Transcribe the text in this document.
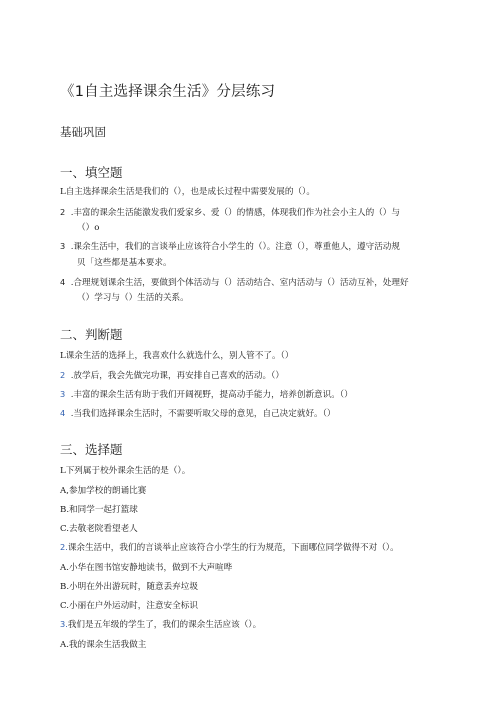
《1自主选择课余生活》分层练习
基础巩固
一、填空题
L自主选择课余生活是我们的（），也是成长过程中需要发展的（）。
2 .丰富的课余生活能激发我们爱家乡、爱（）的情感，体现我们作为社会小主人的（）与
（）o
3 .课余生活中，我们的言谈举止应该符合小学生的（）。注意（），尊重他人，遵守活动规
贝「这些都是基本要求。
4 .合理规划课余生活，要做到个体活动与（）活动结合、室内活动与（）活动互补，处理好
（）学习与（）生活的关系。
二、判断题
L课余生活的选择上，我喜欢什么就选什么，别人管不了。（）
2 .放学后，我会先做完功课，再安排自己喜欢的活动。（）
3 .丰富的课余生活有助于我们开阔视野，提高动手能力，培养创新意识。（）
4 .当我们选择课余生活时，不需要听取父母的意见，自己决定就好。（）
三、选择题
L下列属于校外课余生活的是（）。
A,参加学校的朗诵比赛
B.和同学一起打篮球
C.去敬老院看望老人
2.课余生活中，我们的言谈举止应该符合小学生的行为规范，下面哪位同学做得不对（）。
A.小华在图书馆安静地读书，做到不大声喧哗
B.小明在外出游玩时，随意丢弃垃圾
C.小丽在户外运动时，注意安全标识
3.我们是五年级的学生了，我们的课余生活应该（）。
A.我的课余生活我做主
